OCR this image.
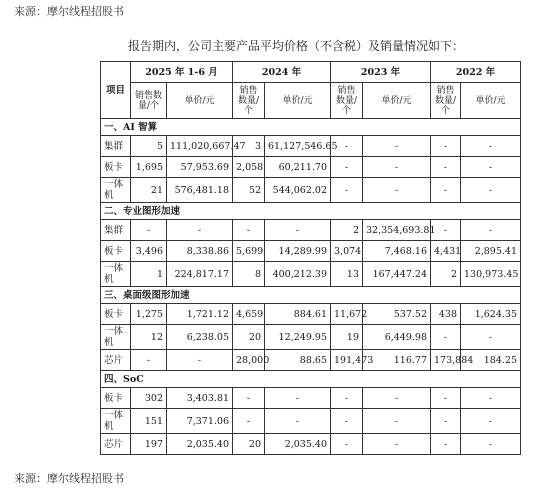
来源：摩尔线程招股书
报告期内，公司主要产品平均价格（不含税）及销量情况如下：
项目	2025 年 1-6 月		2024 年		2023 年		2022 年	
	销售数量/个	单价/元	销售数量/个	单价/元	销售数量/个	单价/元	销售数量/个	单价/元
一、AI 智算								
集群	5	111,020,667.47	3	61,127,546.65	-	-	-	-
板卡	1,695	57,953.69	2,058	60,211.70	-	-	-	-
一体机	21	576,481.18	52	544,062.02	-	-	-	-
二、专业图形加速								
集群	-	-	-	-	2	32,354,693.81	-	-
板卡	3,496	8,338.86	5,699	14,289.99	3,074	7,468.16	4,431	2,895.41
一体机	1	224,817.17	8	400,212.39	13	167,447.24	2	130,973.45
三、桌面级图形加速								
板卡	1,275	1,721.12	4,659	884.61	11,672	537.52	438	1,624.35
一体机	12	6,238.05	20	12,249.95	19	6,449.98	-	-
芯片	-	-	28,000	88.65	191,473	116.77	173,884	184.25
四、SoC								
板卡	302	3,403.81	-	-	-	-	-	-
一体机	151	7,371.06	-	-	-	-	-	-
芯片	197	2,035.40	20	2,035.40	-	-	-	-
来源：摩尔线程招股书
